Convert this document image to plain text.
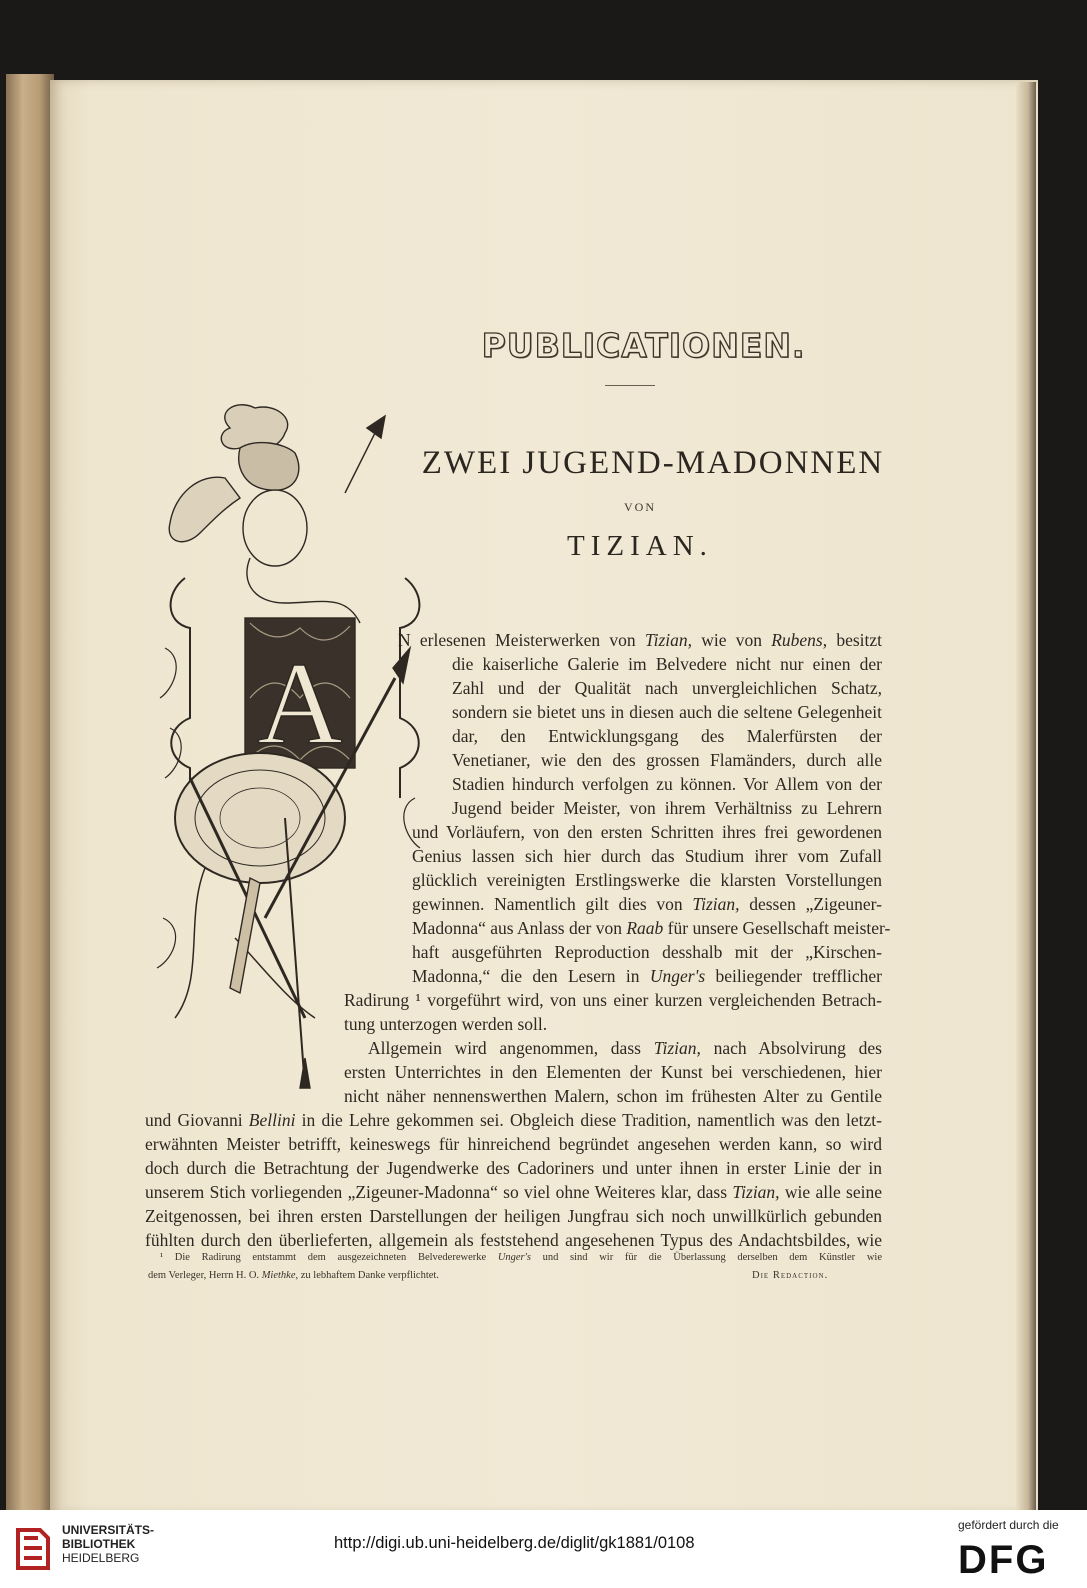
PUBLICATIONEN.
ZWEI JUGEND-MADONNEN
VON
TIZIAN.
A	N erlesenen Meisterwerken von Tizian, wie von Rubens, besitzt
die kaiserliche Galerie im Belvedere nicht nur einen der
Zahl und der Qualität nach unvergleichlichen Schatz,
sondern sie bietet uns in diesen auch die seltene Gelegenheit
dar, den Entwicklungsgang des Malerfürsten der
Venetianer, wie den des grossen Flamänders, durch alle
Stadien hindurch verfolgen zu können. Vor Allem von der
Jugend beider Meister, von ihrem Verhältniss zu Lehrern
und Vorläufern, von den ersten Schritten ihres frei gewordenen
Genius lassen sich hier durch das Studium ihrer vom Zufall
glücklich vereinigten Erstlingswerke die klarsten Vorstellungen
gewinnen. Namentlich gilt dies von Tizian, dessen „Zigeuner-
Madonna“ aus Anlass der von Raab für unsere Gesellschaft meister-
haft ausgeführten Reproduction desshalb mit der „Kirschen-
Madonna,“ die den Lesern in Unger's beiliegender trefflicher
Radirung ¹ vorgeführt wird, von uns einer kurzen vergleichenden Betrach-
tung unterzogen werden soll.
Allgemein wird angenommen, dass Tizian, nach Absolvirung des
ersten Unterrichtes in den Elementen der Kunst bei verschiedenen, hier
nicht näher nennenswerthen Malern, schon im frühesten Alter zu Gentile
und Giovanni Bellini in die Lehre gekommen sei. Obgleich diese Tradition, namentlich was den letzt-
erwähnten Meister betrifft, keineswegs für hinreichend begründet angesehen werden kann, so wird
doch durch die Betrachtung der Jugendwerke des Cadoriners und unter ihnen in erster Linie der in
unserem Stich vorliegenden „Zigeuner-Madonna“ so viel ohne Weiteres klar, dass Tizian, wie alle seine
Zeitgenossen, bei ihren ersten Darstellungen der heiligen Jungfrau sich noch unwillkürlich gebunden
fühlten durch den überlieferten, allgemein als feststehend angesehenen Typus des Andachtsbildes, wie
¹ Die Radirung entstammt dem ausgezeichneten Belvederewerke Unger's und sind wir für die Überlassung derselben dem Künstler wie
dem Verleger, Herrn H. O. Miethke, zu lebhaftem Danke verpflichtet.	Die Redaction.
UNIVERSITÄTS-
BIBLIOTHEK
HEIDELBERG
http://digi.ub.uni-heidelberg.de/diglit/gk1881/0108
gefördert durch die
DFG
